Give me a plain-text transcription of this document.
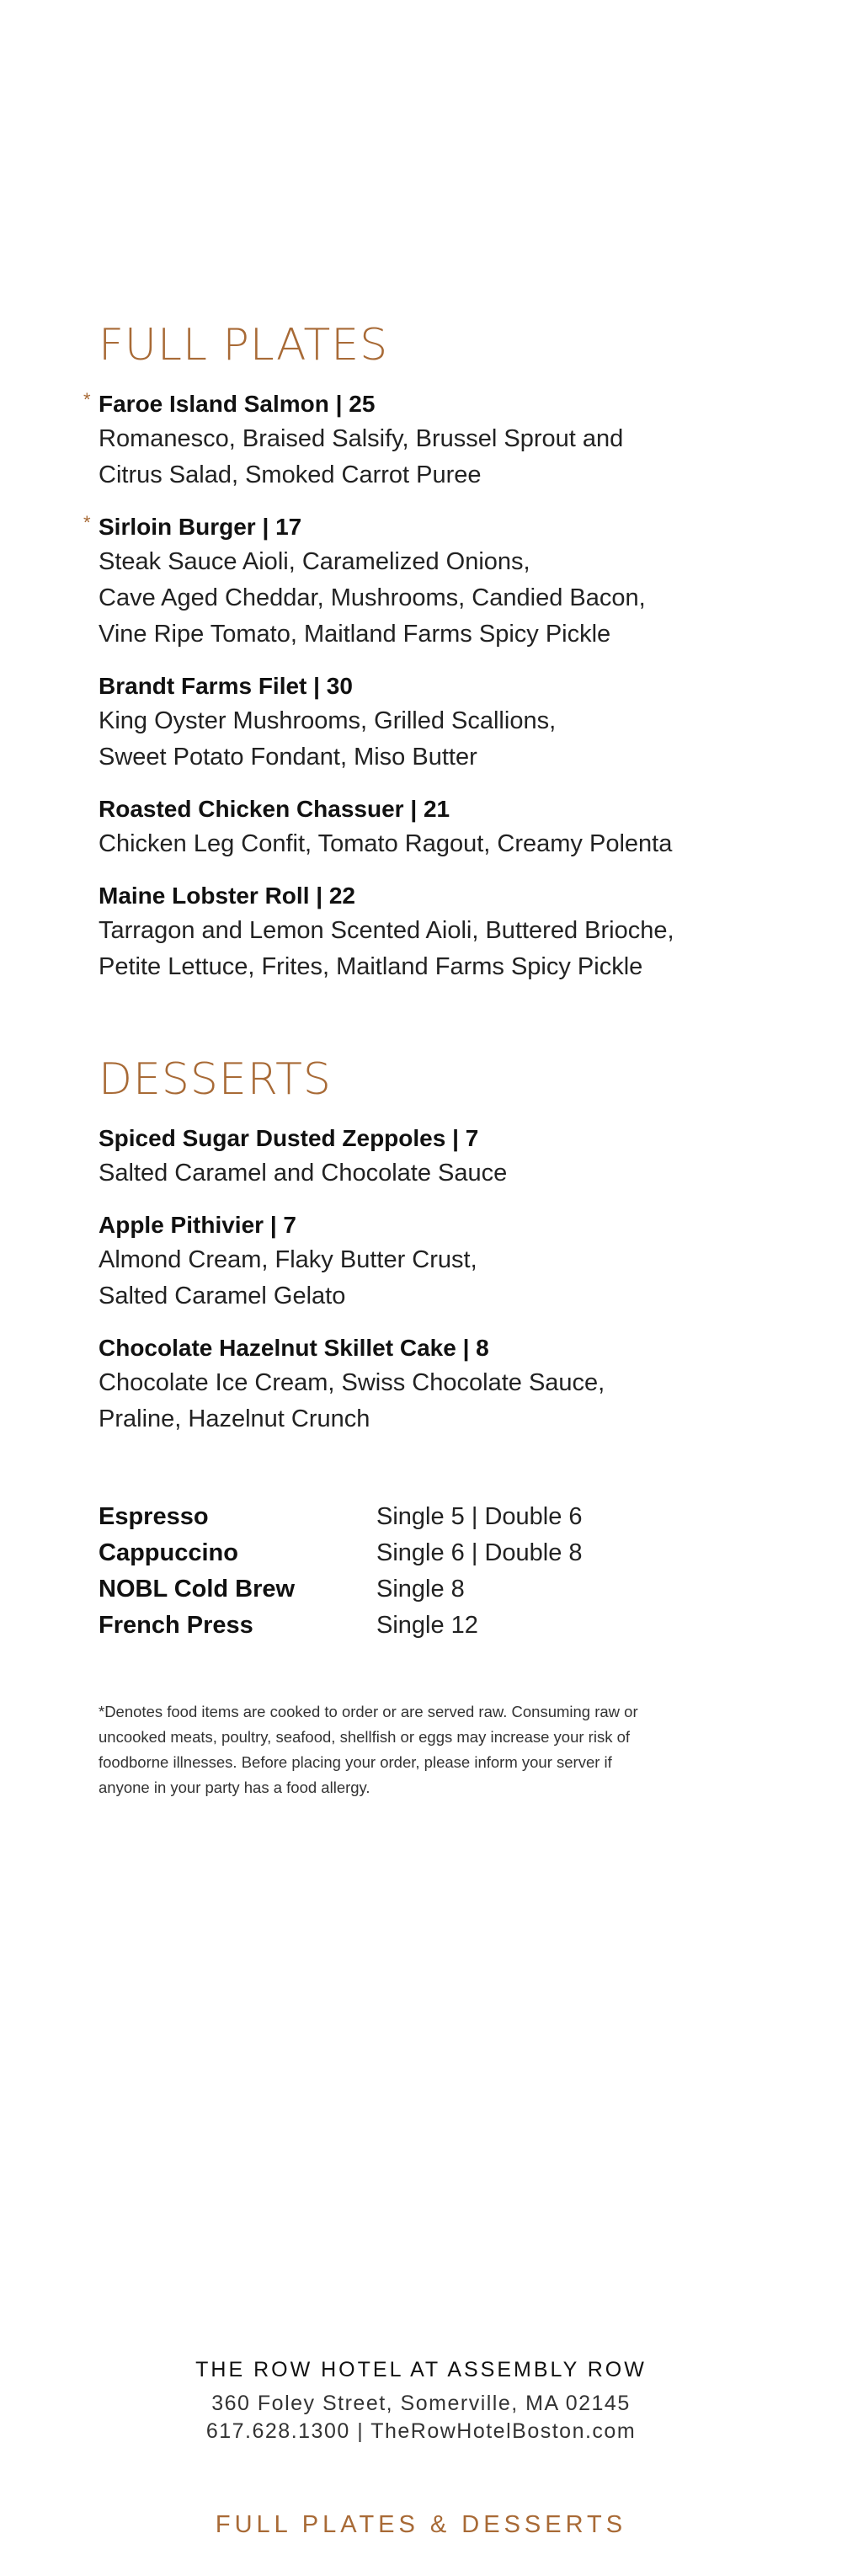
FULL PLATES
* Faroe Island Salmon | 25
Romanesco, Braised Salsify, Brussel Sprout and
Citrus Salad, Smoked Carrot Puree
* Sirloin Burger | 17
Steak Sauce Aioli, Caramelized Onions,
Cave Aged Cheddar, Mushrooms, Candied Bacon,
Vine Ripe Tomato, Maitland Farms Spicy Pickle
Brandt Farms Filet | 30
King Oyster Mushrooms, Grilled Scallions,
Sweet Potato Fondant, Miso Butter
Roasted Chicken Chassuer | 21
Chicken Leg Confit, Tomato Ragout, Creamy Polenta
Maine Lobster Roll | 22
Tarragon and Lemon Scented Aioli, Buttered Brioche,
Petite Lettuce, Frites, Maitland Farms Spicy Pickle
DESSERTS
Spiced Sugar Dusted Zeppoles | 7
Salted Caramel and Chocolate Sauce
Apple Pithivier | 7
Almond Cream, Flaky Butter Crust,
Salted Caramel Gelato
Chocolate Hazelnut Skillet Cake | 8
Chocolate Ice Cream, Swiss Chocolate Sauce,
Praline, Hazelnut Crunch
Espresso	Single 5 | Double 6
Cappuccino	Single 6 | Double 8
NOBL Cold Brew	Single 8
French Press	Single 12
*Denotes food items are cooked to order or are served raw. Consuming raw or
uncooked meats, poultry, seafood, shellfish or eggs may increase your risk of
foodborne illnesses. Before placing your order, please inform your server if
anyone in your party has a food allergy.
THE ROW HOTEL AT ASSEMBLY ROW
360 Foley Street, Somerville, MA 02145
617.628.1300 | TheRowHotelBoston.com
FULL PLATES & DESSERTS
